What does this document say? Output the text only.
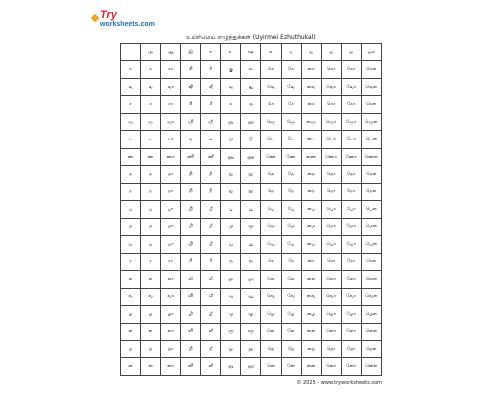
Try
worksheets.com
உயிர்மெய் எழுத்துக்கள் (Uyirmei Ezhuthukal)
	அ	ஆ	இ	ஈ	உ	ஊ	எ	ஏ	ஐ	ஒ	ஓ	ஔ
க	க	கா	கி	கீ	கு	கூ	கெ	கே	கை	கொ	கோ	கௌ
ங	ங	ஙா	ஙி	ஙீ	ஙு	ஙூ	ஙெ	ஙே	ஙை	ஙொ	ஙோ	ஙௌ
ச	ச	சா	சி	சீ	சு	சூ	செ	சே	சை	சொ	சோ	சௌ
ஞ	ஞ	ஞா	ஞி	ஞீ	ஞு	ஞூ	ஞெ	ஞே	ஞை	ஞொ	ஞோ	ஞௌ
ட	ட	டா	டி	டீ	டு	டூ	டெ	டே	டை	டொ	டோ	டௌ
ண	ண	ணா	ணி	ணீ	ணு	ணூ	ணெ	ணே	ணை	ணொ	ணோ	ணௌ
த	த	தா	தி	தீ	து	தூ	தெ	தே	தை	தொ	தோ	தௌ
ந	ந	நா	நி	நீ	நு	நூ	நெ	நே	நை	நொ	நோ	நௌ
ப	ப	பா	பி	பீ	பு	பூ	பெ	பே	பை	பொ	போ	பௌ
ம	ம	மா	மி	மீ	மு	மூ	மெ	மே	மை	மொ	மோ	மௌ
ய	ய	யா	யி	யீ	யு	யூ	யெ	யே	யை	யொ	யோ	யௌ
ர	ர	ரா	ரி	ரீ	ரு	ரூ	ரெ	ரே	ரை	ரொ	ரோ	ரௌ
ல	ல	லா	லி	லீ	லு	லூ	லெ	லே	லை	லொ	லோ	லௌ
வ	வ	வா	வி	வீ	வு	வூ	வெ	வே	வை	வொ	வோ	வௌ
ழ	ழ	ழா	ழி	ழீ	ழு	ழூ	ழெ	ழே	ழை	ழொ	ழோ	ழௌ
ள	ள	ளா	ளி	ளீ	ளு	ளூ	ளெ	ளே	ளை	ளொ	ளோ	ளௌ
ற	ற	றா	றி	றீ	று	றூ	றெ	றே	றை	றொ	றோ	றௌ
ன	ன	னா	னி	னீ	னு	னூ	னெ	னே	னை	னொ	னோ	னௌ
© 2025 - www.tryworksheets.com
